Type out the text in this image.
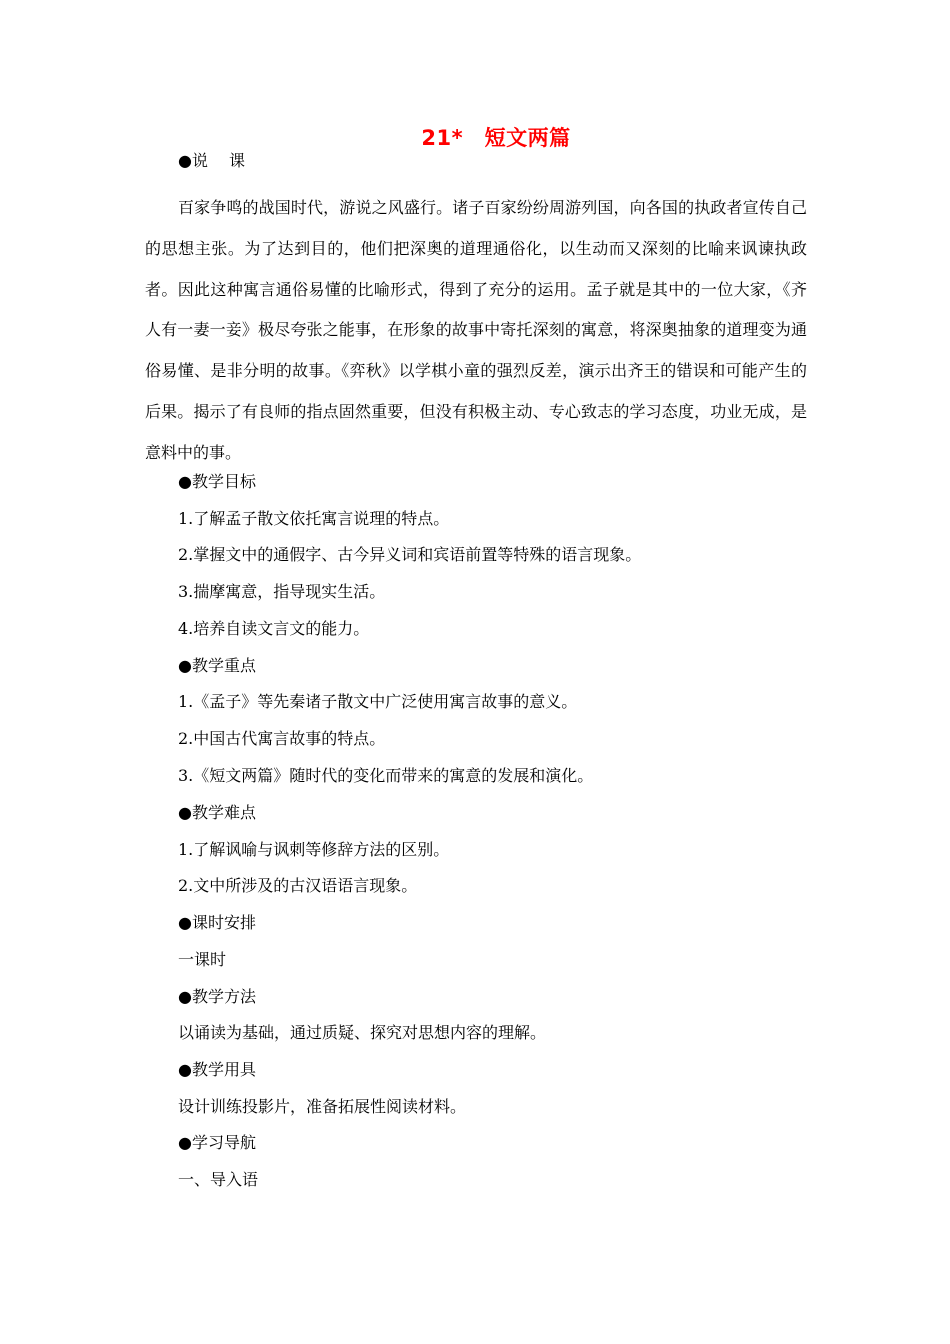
21*　短文两篇
●说　 课
百家争鸣的战国时代，游说之风盛行。诸子百家纷纷周游列国，向各国的执政者宣传自己的思想主张。为了达到目的，他们把深奥的道理通俗化，以生动而又深刻的比喻来讽谏执政者。因此这种寓言通俗易懂的比喻形式，得到了充分的运用。孟子就是其中的一位大家，《齐人有一妻一妾》极尽夸张之能事，在形象的故事中寄托深刻的寓意，将深奥抽象的道理变为通俗易懂、是非分明的故事。《弈秋》以学棋小童的强烈反差，演示出齐王的错误和可能产生的后果。揭示了有良师的指点固然重要，但没有积极主动、专心致志的学习态度，功业无成，是意料中的事。
●教学目标
1.了解孟子散文依托寓言说理的特点。
2.掌握文中的通假字、古今异义词和宾语前置等特殊的语言现象。
3.揣摩寓意，指导现实生活。
4.培养自读文言文的能力。
●教学重点
1.《孟子》等先秦诸子散文中广泛使用寓言故事的意义。
2.中国古代寓言故事的特点。
3.《短文两篇》随时代的变化而带来的寓意的发展和演化。
●教学难点
1.了解讽喻与讽刺等修辞方法的区别。
2.文中所涉及的古汉语语言现象。
●课时安排
一课时
●教学方法
以诵读为基础，通过质疑、探究对思想内容的理解。
●教学用具
设计训练投影片，准备拓展性阅读材料。
●学习导航
一、导入语
